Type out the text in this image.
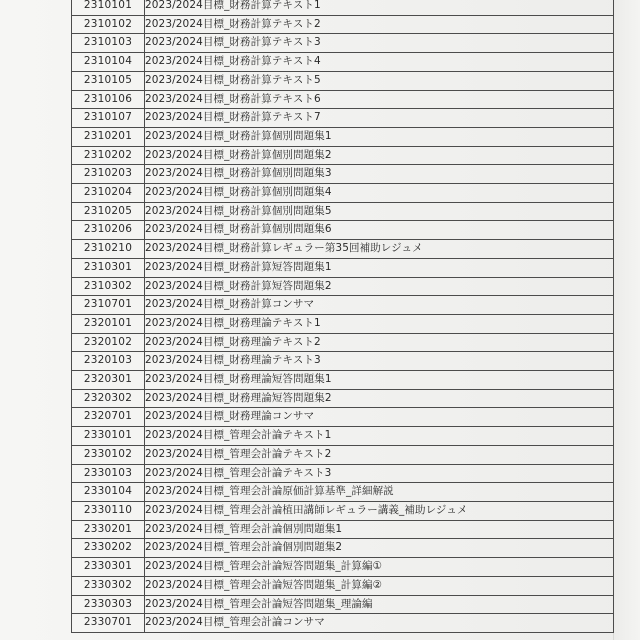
2310101	2023/2024目標_財務計算テキスト1
2310102	2023/2024目標_財務計算テキスト2
2310103	2023/2024目標_財務計算テキスト3
2310104	2023/2024目標_財務計算テキスト4
2310105	2023/2024目標_財務計算テキスト5
2310106	2023/2024目標_財務計算テキスト6
2310107	2023/2024目標_財務計算テキスト7
2310201	2023/2024目標_財務計算個別問題集1
2310202	2023/2024目標_財務計算個別問題集2
2310203	2023/2024目標_財務計算個別問題集3
2310204	2023/2024目標_財務計算個別問題集4
2310205	2023/2024目標_財務計算個別問題集5
2310206	2023/2024目標_財務計算個別問題集6
2310210	2023/2024目標_財務計算レギュラー第35回補助レジュメ
2310301	2023/2024目標_財務計算短答問題集1
2310302	2023/2024目標_財務計算短答問題集2
2310701	2023/2024目標_財務計算コンサマ
2320101	2023/2024目標_財務理論テキスト1
2320102	2023/2024目標_財務理論テキスト2
2320103	2023/2024目標_財務理論テキスト3
2320301	2023/2024目標_財務理論短答問題集1
2320302	2023/2024目標_財務理論短答問題集2
2320701	2023/2024目標_財務理論コンサマ
2330101	2023/2024目標_管理会計論テキスト1
2330102	2023/2024目標_管理会計論テキスト2
2330103	2023/2024目標_管理会計論テキスト3
2330104	2023/2024目標_管理会計論原価計算基準_詳細解説
2330110	2023/2024目標_管理会計論植田講師レギュラー講義_補助レジュメ
2330201	2023/2024目標_管理会計論個別問題集1
2330202	2023/2024目標_管理会計論個別問題集2
2330301	2023/2024目標_管理会計論短答問題集_計算編①
2330302	2023/2024目標_管理会計論短答問題集_計算編②
2330303	2023/2024目標_管理会計論短答問題集_理論編
2330701	2023/2024目標_管理会計論コンサマ
